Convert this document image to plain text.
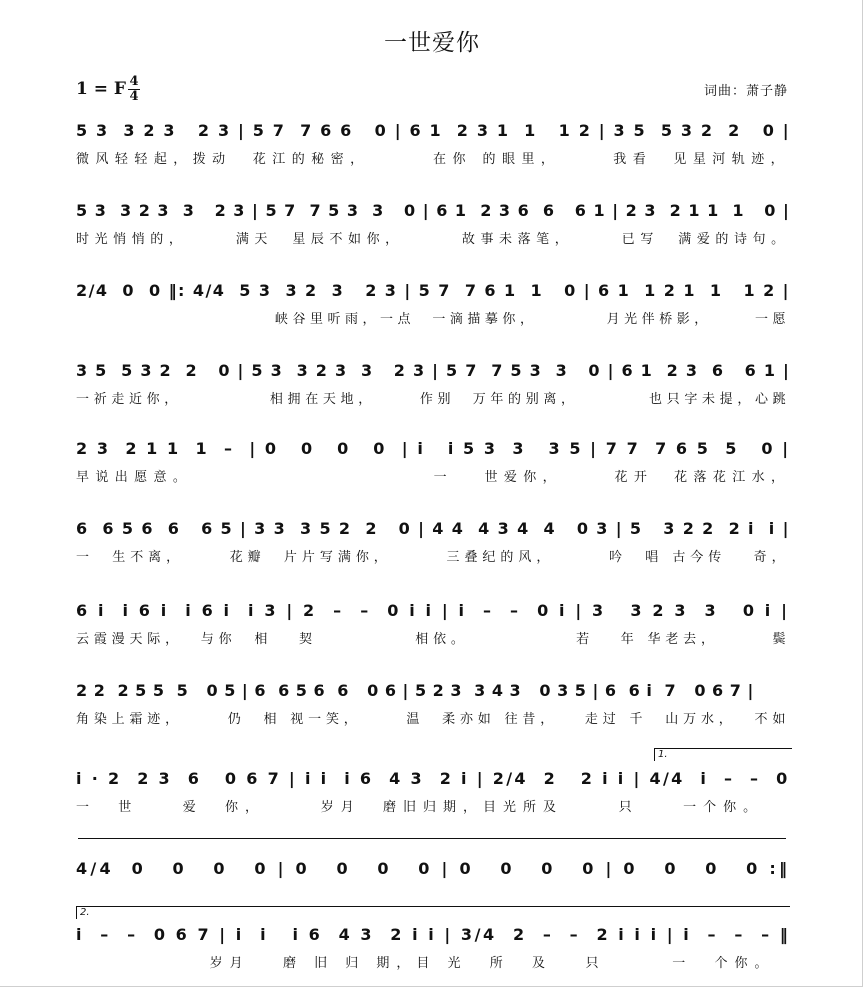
一世爱你
1 = F 4
4	词曲：萧子静
5 3  3 2 3   2 3 | 5 7  7 6 6   0 | 6 1  2 3 1  1   1 2 | 3 5  5 3 2  2   0 |
微风轻轻起，拨动  花江的秘密，      在你 的眼里，     我看  见星河轨迹，
5 3  3 2 3  3   2 3 | 5 7  7 5 3  3   0 | 6 1  2 3 6  6   6 1 | 2 3  2 1 1  1   0 |
时光悄悄的，     满天  星辰不如你，      故事未落笔，     已写  满爱的诗句。
2/4  0  0 ‖: 4/4  5 3  3 2  3   2 3 | 5 7  7 6 1  1   0 | 6 1  1 2 1  1   1 2 |
峡谷里听雨，一点  一滴描摹你，        月光伴桥影，     一愿
3 5  5 3 2  2   0 | 5 3  3 2 3  3   2 3 | 5 7  7 5 3  3   0 | 6 1  2 3  6   6 1 |
一祈走近你，          相拥在天地，     作别  万年的别离，        也只字未提，心跳
2 3  2 1 1  1  –  | 0   0   0   0  | i   i 5 3  3   3 5 | 7 7  7 6 5  5   0 |
早说出愿意。                       一   世爱你，     花开  花落花江水，
6  6 5 6  6   6 5 | 3 3  3 5 2  2   0 | 4 4  4 3 4  4   0 3 | 5   3 2 2  2 i  i |
一  生不离，     花瓣  片片写满你，      三叠纪的风，      吟  唱 古今传   奇，
6 i  i 6 i  i 6 i  i 3 | 2  –  –  0 i i | i  –  –  0 i | 3   3 2 3  3   0 i |
云霞漫天际，  与你  相   契           相依。            若   年 华老去，      鬓
2 2  2 5 5  5   0 5 | 6  6 5 6  6   0 6 | 5 2 3  3 4 3   0 3 5 | 6  6 i  7   0 6 7 |
角染上霜迹，     仍  相 视一笑，     温  柔亦如 往昔，   走过 千  山万水，  不如
1.
i · 2  2 3  6   0 6 7 | i i  i 6  4 3  2 i | 2/4  2   2 i i | 4/4  i  –  –  0
一  世    爱  你，     岁月  磨旧归期，目光所及     只    一个你。
4/4  0   0   0   0 | 0   0   0   0 | 0   0   0   0 | 0   0   0   0 :‖
2.
i  –  –  0 6 7 | i  i   i 6  4 3  2 i i | 3/4  2  –  –  2 i i i | i  –  –  – ‖
岁月   磨 旧 归 期，目 光  所  及   只      一  个你。
